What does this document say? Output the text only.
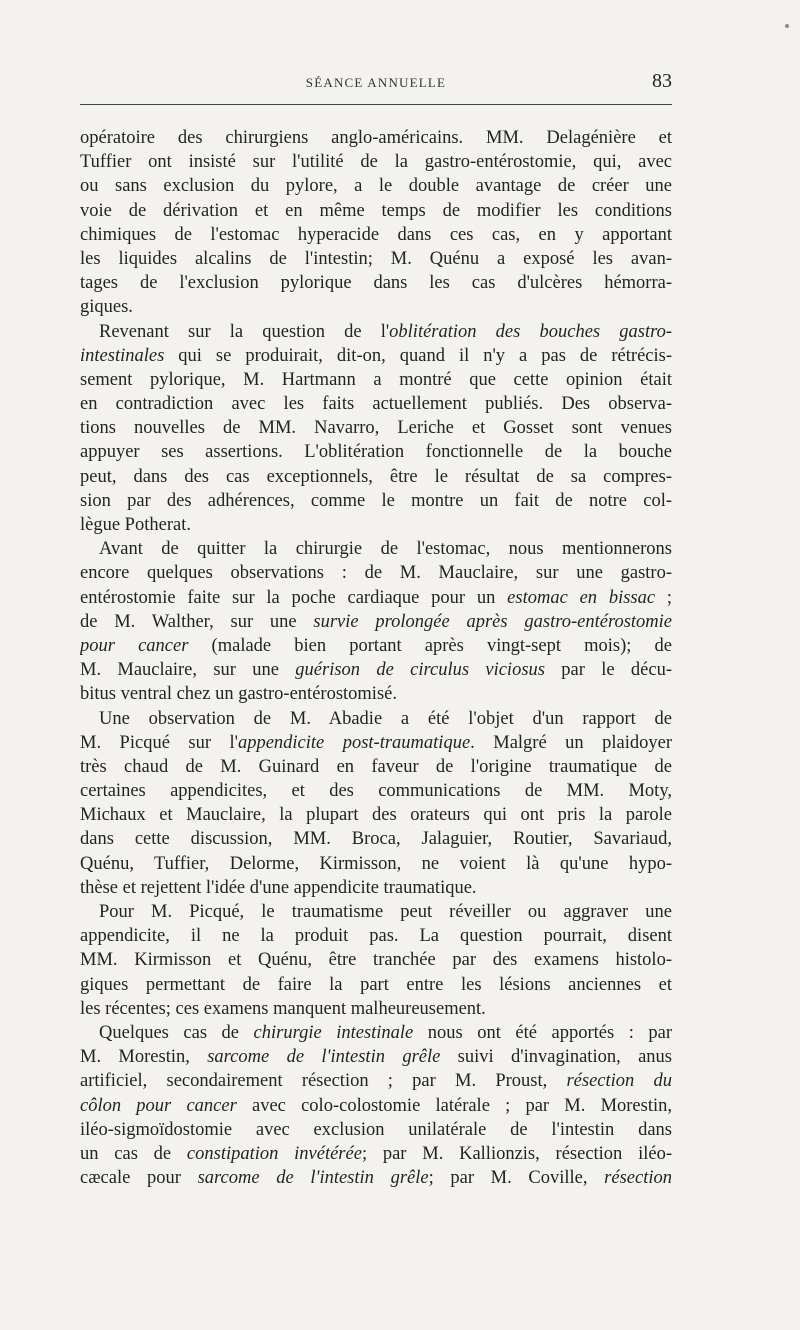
SÉANCE ANNUELLE	83
opératoire des chirurgiens anglo-américains. MM. Delagénière et
Tuffier ont insisté sur l'utilité de la gastro-entérostomie, qui, avec
ou sans exclusion du pylore, a le double avantage de créer une
voie de dérivation et en même temps de modifier les conditions
chimiques de l'estomac hyperacide dans ces cas, en y apportant
les liquides alcalins de l'intestin; M. Quénu a exposé les avan-
tages de l'exclusion pylorique dans les cas d'ulcères hémorra-
giques.
Revenant sur la question de l'oblitération des bouches gastro-
intestinales qui se produirait, dit-on, quand il n'y a pas de rétrécis-
sement pylorique, M. Hartmann a montré que cette opinion était
en contradiction avec les faits actuellement publiés. Des observa-
tions nouvelles de MM. Navarro, Leriche et Gosset sont venues
appuyer ses assertions. L'oblitération fonctionnelle de la bouche
peut, dans des cas exceptionnels, être le résultat de sa compres-
sion par des adhérences, comme le montre un fait de notre col-
lègue Potherat.
Avant de quitter la chirurgie de l'estomac, nous mentionnerons
encore quelques observations : de M. Mauclaire, sur une gastro-
entérostomie faite sur la poche cardiaque pour un estomac en bissac ;
de M. Walther, sur une survie prolongée après gastro-entérostomie
pour cancer (malade bien portant après vingt-sept mois); de
M. Mauclaire, sur une guérison de circulus viciosus par le décu-
bitus ventral chez un gastro-entérostomisé.
Une observation de M. Abadie a été l'objet d'un rapport de
M. Picqué sur l'appendicite post-traumatique. Malgré un plaidoyer
très chaud de M. Guinard en faveur de l'origine traumatique de
certaines appendicites, et des communications de MM. Moty,
Michaux et Mauclaire, la plupart des orateurs qui ont pris la parole
dans cette discussion, MM. Broca, Jalaguier, Routier, Savariaud,
Quénu, Tuffier, Delorme, Kirmisson, ne voient là qu'une hypo-
thèse et rejettent l'idée d'une appendicite traumatique.
Pour M. Picqué, le traumatisme peut réveiller ou aggraver une
appendicite, il ne la produit pas. La question pourrait, disent
MM. Kirmisson et Quénu, être tranchée par des examens histolo-
giques permettant de faire la part entre les lésions anciennes et
les récentes; ces examens manquent malheureusement.
Quelques cas de chirurgie intestinale nous ont été apportés : par
M. Morestin, sarcome de l'intestin grêle suivi d'invagination, anus
artificiel, secondairement résection ; par M. Proust, résection du
côlon pour cancer avec colo-colostomie latérale ; par M. Morestin,
iléo-sigmoïdostomie avec exclusion unilatérale de l'intestin dans
un cas de constipation invétérée; par M. Kallionzis, résection iléo-
cæcale pour sarcome de l'intestin grêle; par M. Coville, résection
